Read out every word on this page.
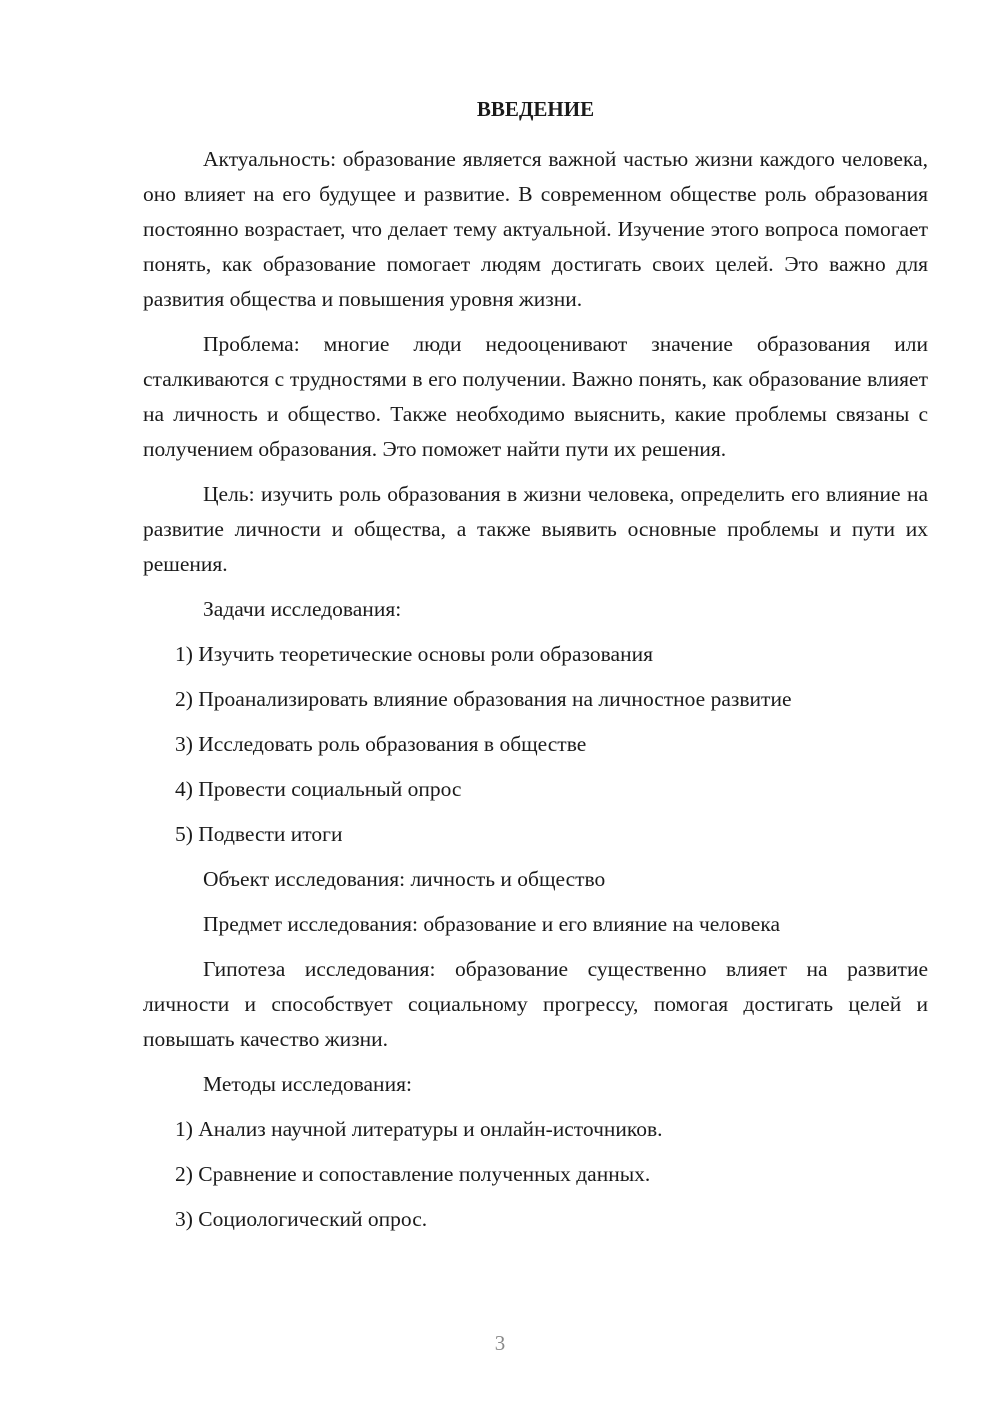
ВВЕДЕНИЕ

Актуальность: образование является важной частью жизни каждого человека, оно влияет на его будущее и развитие. В современном обществе роль образования постоянно возрастает, что делает тему актуальной. Изучение этого вопроса помогает понять, как образование помогает людям достигать своих целей. Это важно для развития общества и повышения уровня жизни.

Проблема: многие люди недооценивают значение образования или сталкиваются с трудностями в его получении. Важно понять, как образование влияет на личность и общество. Также необходимо выяснить, какие проблемы связаны с получением образования. Это поможет найти пути их решения.

Цель: изучить роль образования в жизни человека, определить его влияние на развитие личности и общества, а также выявить основные проблемы и пути их решения.

Задачи исследования:
1) Изучить теоретические основы роли образования
2) Проанализировать влияние образования на личностное развитие
3) Исследовать роль образования в обществе
4) Провести социальный опрос
5) Подвести итоги
Объект исследования: личность и общество
Предмет исследования: образование и его влияние на человека

Гипотеза исследования: образование существенно влияет на развитие личности и способствует социальному прогрессу, помогая достигать целей и повышать качество жизни.

Методы исследования:
1) Анализ научной литературы и онлайн-источников.
2) Сравнение и сопоставление полученных данных.
3) Социологический опрос.
3
